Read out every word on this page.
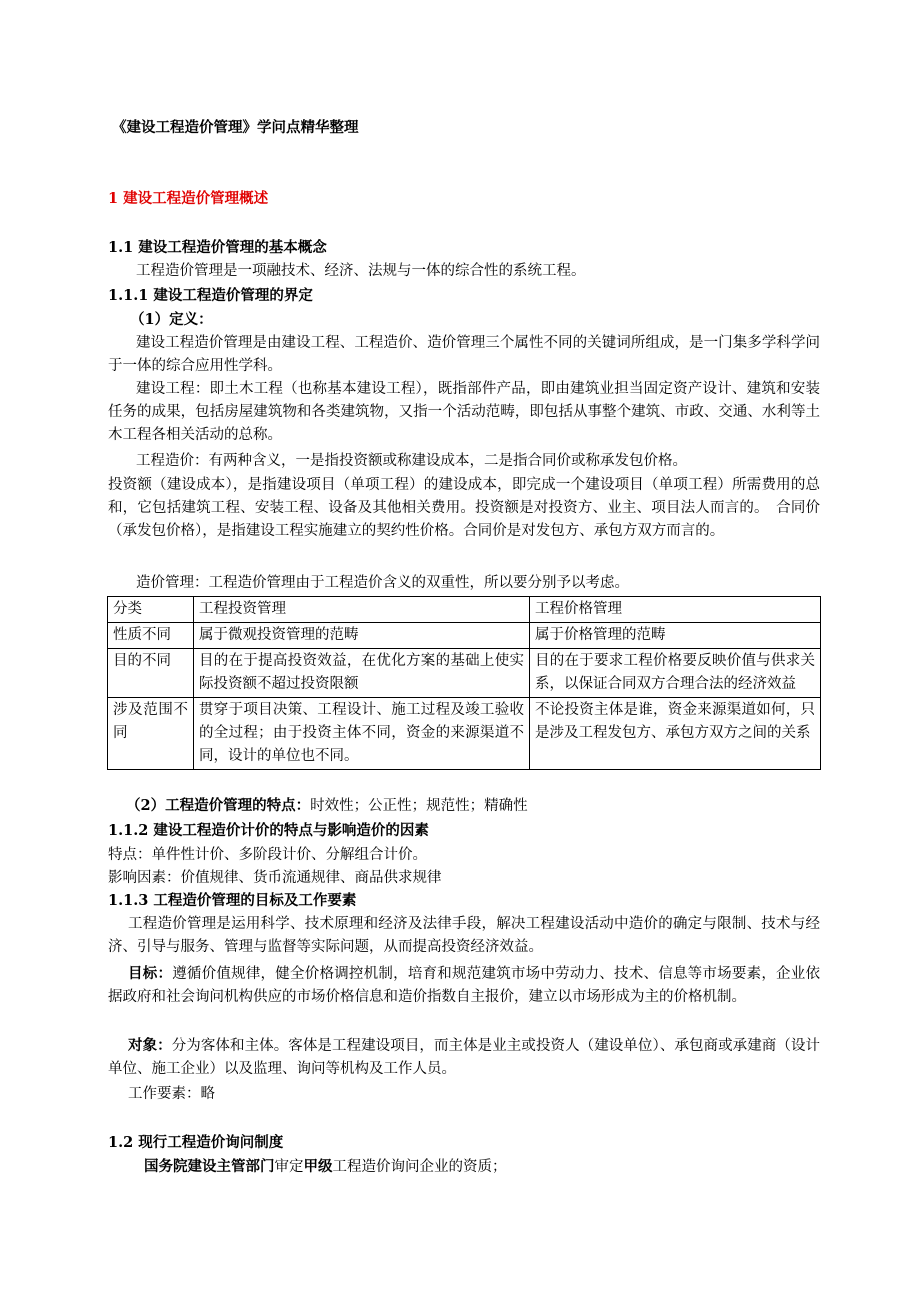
《建设工程造价管理》学问点精华整理
1 建设工程造价管理概述
1.1 建设工程造价管理的基本概念
工程造价管理是一项融技术、经济、法规与一体的综合性的系统工程。
1.1.1 建设工程造价管理的界定
（1）定义：
建设工程造价管理是由建设工程、工程造价、造价管理三个属性不同的关键词所组成，是一门集多学科学问于一体的综合应用性学科。
建设工程：即土木工程（也称基本建设工程），既指部件产品，即由建筑业担当固定资产设计、建筑和安装任务的成果，包括房屋建筑物和各类建筑物，又指一个活动范畴，即包括从事整个建筑、市政、交通、水利等土木工程各相关活动的总称。
工程造价：有两种含义，一是指投资额或称建设成本，二是指合同价或称承发包价格。
投资额（建设成本），是指建设项目（单项工程）的建设成本，即完成一个建设项目（单项工程）所需费用的总和，它包括建筑工程、安装工程、设备及其他相关费用。投资额是对投资方、业主、项目法人而言的。　合同价（承发包价格），是指建设工程实施建立的契约性价格。合同价是对发包方、承包方双方而言的。
造价管理：工程造价管理由于工程造价含义的双重性，所以要分别予以考虑。
分类	工程投资管理	工程价格管理
性质不同	属于微观投资管理的范畴	属于价格管理的范畴
目的不同	目的在于提高投资效益，在优化方案的基础上使实际投资额不超过投资限额	目的在于要求工程价格要反映价值与供求关系，以保证合同双方合理合法的经济效益
涉及范围不同	贯穿于项目决策、工程设计、施工过程及竣工验收的全过程；由于投资主体不同，资金的来源渠道不同，设计的单位也不同。	不论投资主体是谁，资金来源渠道如何，只是涉及工程发包方、承包方双方之间的关系
（2）工程造价管理的特点：时效性；公正性；规范性；精确性
1.1.2 建设工程造价计价的特点与影响造价的因素
特点：单件性计价、多阶段计价、分解组合计价。
影响因素：价值规律、货币流通规律、商品供求规律
1.1.3 工程造价管理的目标及工作要素
工程造价管理是运用科学、技术原理和经济及法律手段，解决工程建设活动中造价的确定与限制、技术与经济、引导与服务、管理与监督等实际问题，从而提高投资经济效益。
目标：遵循价值规律，健全价格调控机制，培育和规范建筑市场中劳动力、技术、信息等市场要素，企业依据政府和社会询问机构供应的市场价格信息和造价指数自主报价，建立以市场形成为主的价格机制。
对象：分为客体和主体。客体是工程建设项目，而主体是业主或投资人（建设单位）、承包商或承建商（设计单位、施工企业）以及监理、询问等机构及工作人员。
工作要素：略
1.2 现行工程造价询问制度
国务院建设主管部门审定甲级工程造价询问企业的资质；
